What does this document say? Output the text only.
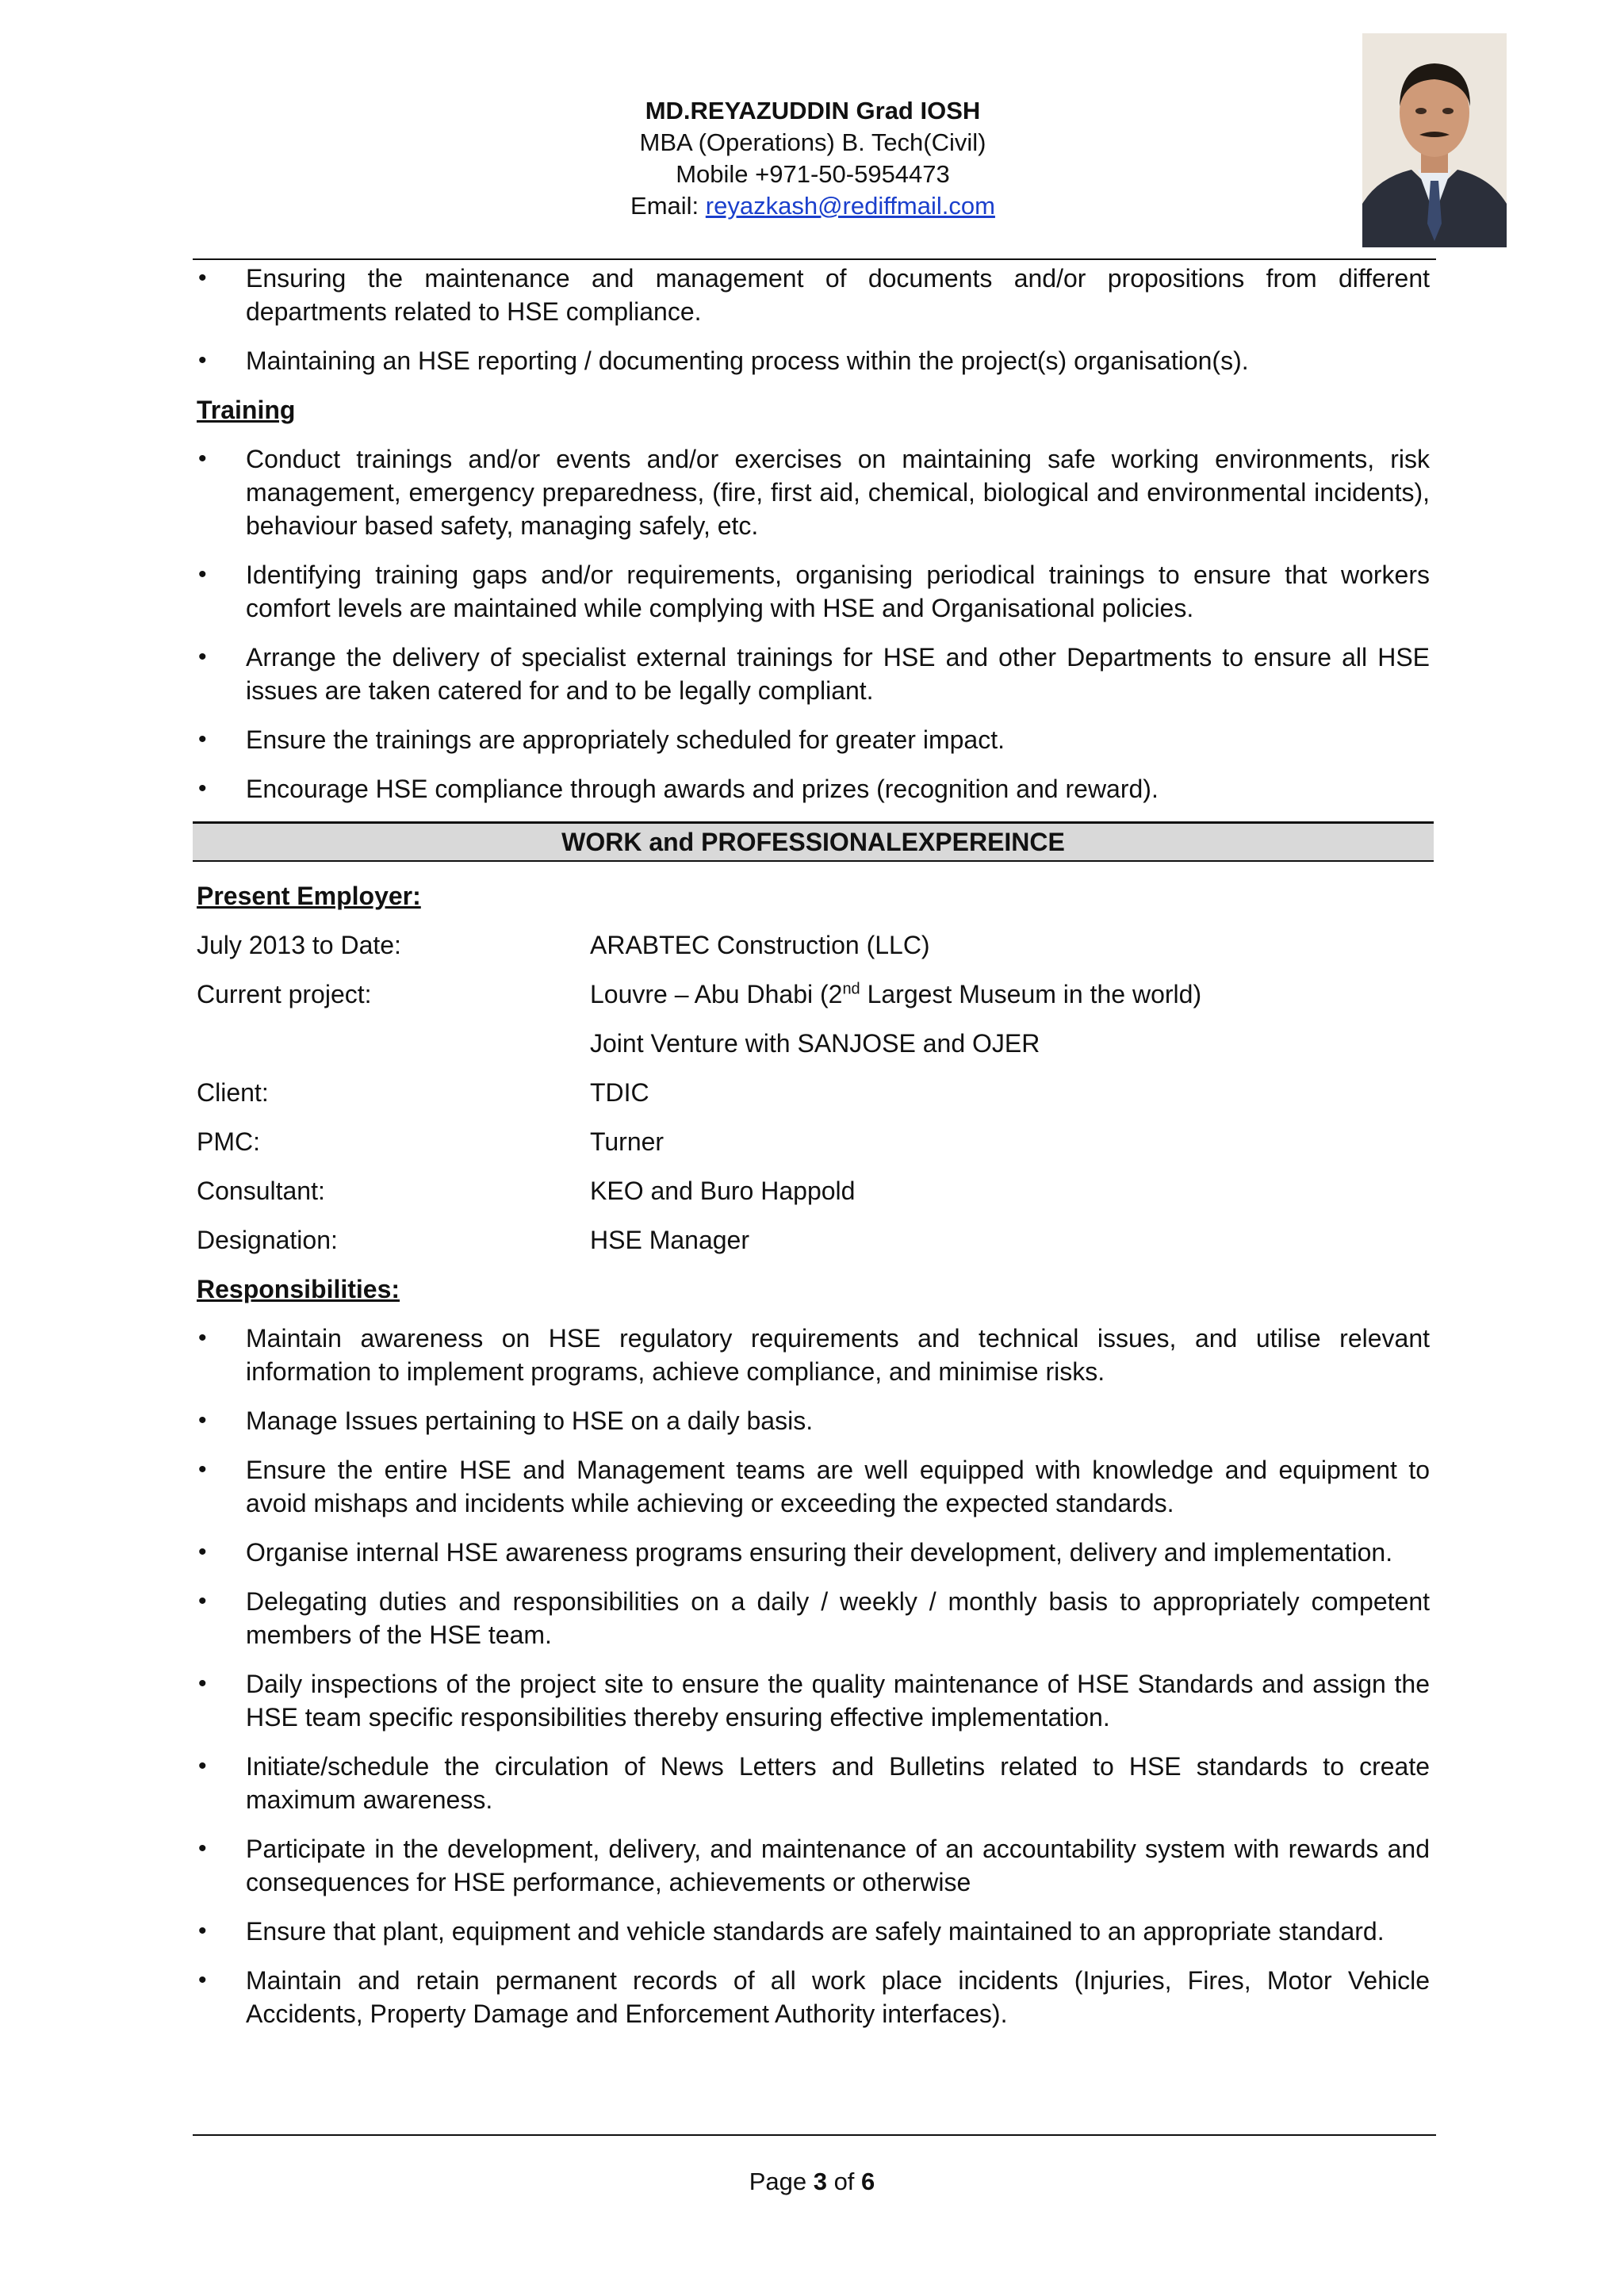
MD.REYAZUDDIN Grad IOSH
MBA (Operations) B. Tech(Civil)
Mobile +971-50-5954473
Email: reyazkash@rediffmail.com
• Ensuring the maintenance and management of documents and/or propositions from different departments related to HSE compliance.
• Maintaining an HSE reporting / documenting process within the project(s) organisation(s).
Training
• Conduct trainings and/or events and/or exercises on maintaining safe working environments, risk management, emergency preparedness, (fire, first aid, chemical, biological and environmental incidents), behaviour based safety, managing safely, etc.
• Identifying training gaps and/or requirements, organising periodical trainings to ensure that workers comfort levels are maintained while complying with HSE and Organisational policies.
• Arrange the delivery of specialist external trainings for HSE and other Departments to ensure all HSE issues are taken catered for and to be legally compliant.
• Ensure the trainings are appropriately scheduled for greater impact.
• Encourage HSE compliance through awards and prizes (recognition and reward).
WORK and PROFESSIONALEXPEREINCE
Present Employer:
July 2013 to Date:	ARABTEC Construction (LLC)
Current project:	Louvre – Abu Dhabi (2nd Largest Museum in the world)
Joint Venture with SANJOSE and OJER
Client:	TDIC
PMC:	Turner
Consultant:	KEO and Buro Happold
Designation:	HSE Manager
Responsibilities:
• Maintain awareness on HSE regulatory requirements and technical issues, and utilise relevant information to implement programs, achieve compliance, and minimise risks.
• Manage Issues pertaining to HSE on a daily basis.
• Ensure the entire HSE and Management teams are well equipped with knowledge and equipment to avoid mishaps and incidents while achieving or exceeding the expected standards.
• Organise internal HSE awareness programs ensuring their development, delivery and implementation.
• Delegating duties and responsibilities on a daily / weekly / monthly basis to appropriately competent members of the HSE team.
• Daily inspections of the project site to ensure the quality maintenance of HSE Standards and assign the HSE team specific responsibilities thereby ensuring effective implementation.
• Initiate/schedule the circulation of News Letters and Bulletins related to HSE standards to create maximum awareness.
• Participate in the development, delivery, and maintenance of an accountability system with rewards and consequences for HSE performance, achievements or otherwise
• Ensure that plant, equipment and vehicle standards are safely maintained to an appropriate standard.
• Maintain and retain permanent records of all work place incidents (Injuries, Fires, Motor Vehicle Accidents, Property Damage and Enforcement Authority interfaces).
Page 3 of 6
